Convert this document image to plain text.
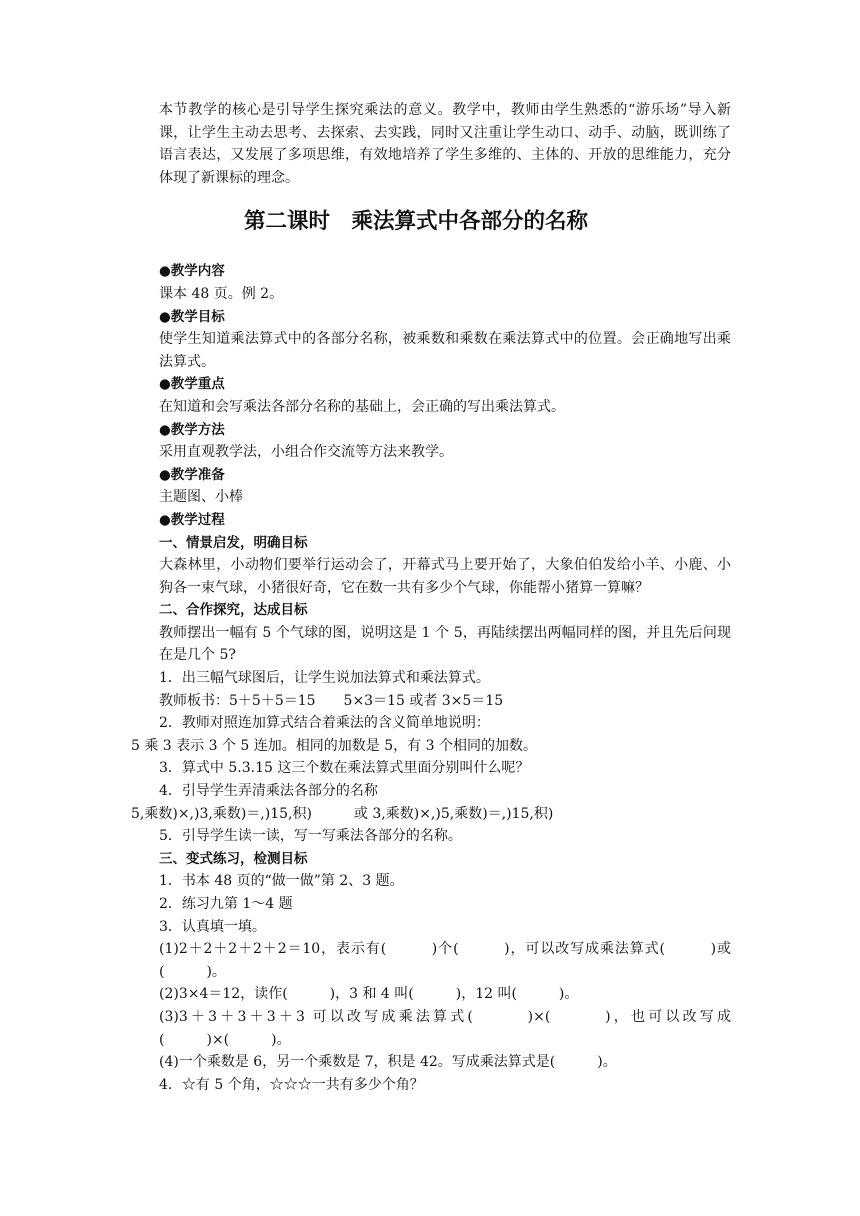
本节教学的核心是引导学生探究乘法的意义。教学中，教师由学生熟悉的“游乐场”导入新课，让学生主动去思考、去探索、去实践，同时又注重让学生动口、动手、动脑，既训练了语言表达，又发展了多项思维，有效地培养了学生多维的、主体的、开放的思维能力，充分体现了新课标的理念。
第二课时　乘法算式中各部分的名称
●教学内容
课本 48 页。例 2。
●教学目标
使学生知道乘法算式中的各部分名称，被乘数和乘数在乘法算式中的位置。会正确地写出乘法算式。
●教学重点
在知道和会写乘法各部分名称的基础上，会正确的写出乘法算式。
●教学方法
采用直观教学法，小组合作交流等方法来教学。
●教学准备
主题图、小棒
●教学过程
一、情景启发，明确目标
大森林里，小动物们要举行运动会了，开幕式马上要开始了，大象伯伯发给小羊、小鹿、小狗各一束气球，小猪很好奇，它在数一共有多少个气球，你能帮小猪算一算嘛？
二、合作探究，达成目标
教师摆出一幅有 5 个气球的图，说明这是 1 个 5，再陆续摆出两幅同样的图，并且先后问现在是几个 5?
1．出三幅气球图后，让学生说加法算式和乘法算式。
教师板书：5＋5＋5＝15　　5×3＝15 或者 3×5＝15
2．教师对照连加算式结合着乘法的含义简单地说明：
5 乘 3 表示 3 个 5 连加。相同的加数是 5，有 3 个相同的加数。
3．算式中 5.3.15 这三个数在乘法算式里面分别叫什么呢？
4．引导学生弄清乘法各部分的名称
5,乘数)×,)3,乘数)＝,)15,积)　　　或 3,乘数)×,)5,乘数)＝,)15,积)
5．引导学生读一读，写一写乘法各部分的名称。
三、变式练习，检测目标
1．书本 48 页的“做一做”第 2、3 题。
2．练习九第 1～4 题
3．认真填一填。
(1)2＋2＋2＋2＋2＝10，表示有(　　　)个(　　　)，可以改写成乘法算式(　　　)或(　　　)。
(2)3×4＝12，读作(　　　)，3 和 4 叫(　　　)，12 叫(　　　)。
(3)3＋3＋3＋3＋3 可以改写成乘法算式(　　　)×(　　　)，也可以改写成(　　　)×(　　　)。
(4)一个乘数是 6，另一个乘数是 7，积是 42。写成乘法算式是(　　　)。
4．☆有 5 个角，☆☆☆一共有多少个角？
